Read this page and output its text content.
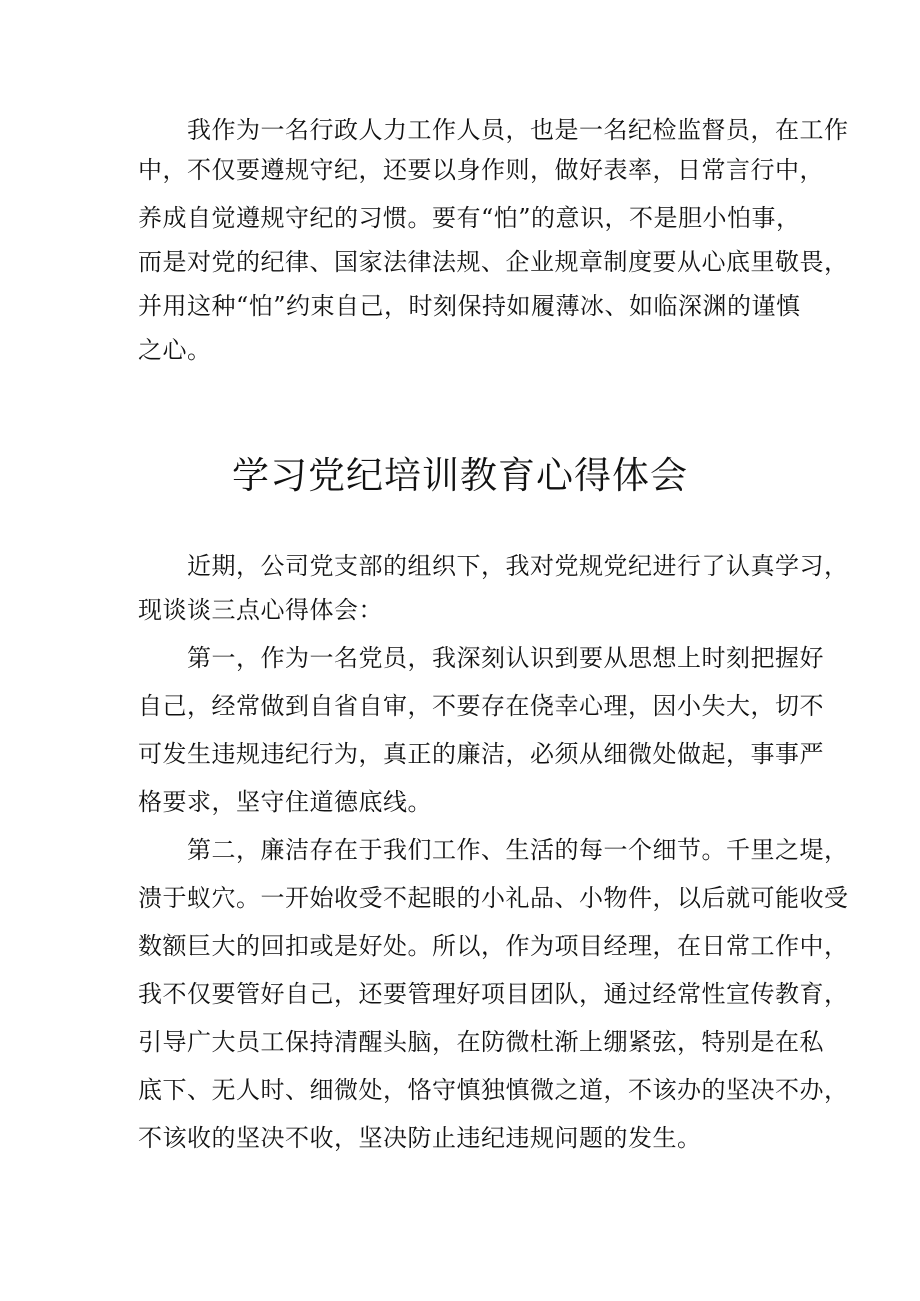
　　我作为一名行政人力工作人员，也是一名纪检监督员，在工作
中，不仅要遵规守纪，还要以身作则，做好表率，日常言行中，
养成自觉遵规守纪的习惯。要有“怕”的意识，不是胆小怕事，
而是对党的纪律、国家法律法规、企业规章制度要从心底里敬畏，
并用这种“怕”约束自己，时刻保持如履薄冰、如临深渊的谨慎
之心。
学习党纪培训教育心得体会
　　近期，公司党支部的组织下，我对党规党纪进行了认真学习，
现谈谈三点心得体会：
　　第一，作为一名党员，我深刻认识到要从思想上时刻把握好
自己，经常做到自省自审，不要存在侥幸心理，因小失大，切不
可发生违规违纪行为，真正的廉洁，必须从细微处做起，事事严
格要求，坚守住道德底线。
　　第二，廉洁存在于我们工作、生活的每一个细节。千里之堤，
溃于蚁穴。一开始收受不起眼的小礼品、小物件，以后就可能收受
数额巨大的回扣或是好处。所以，作为项目经理，在日常工作中，
我不仅要管好自己，还要管理好项目团队，通过经常性宣传教育，
引导广大员工保持清醒头脑，在防微杜渐上绷紧弦，特别是在私
底下、无人时、细微处，恪守慎独慎微之道，不该办的坚决不办，
不该收的坚决不收，坚决防止违纪违规问题的发生。
